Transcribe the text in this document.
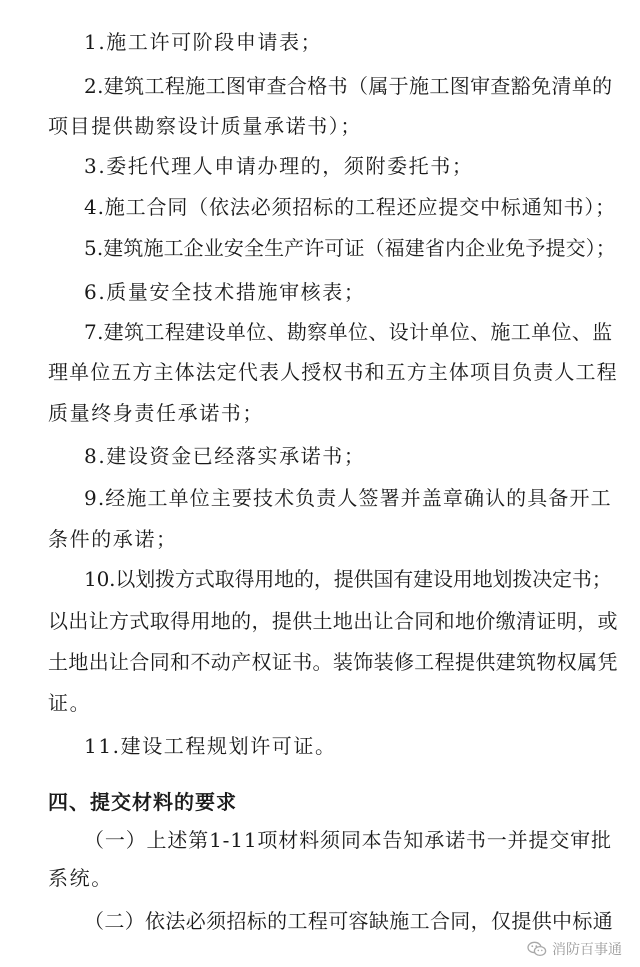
1.施工许可阶段申请表；
2.建筑工程施工图审查合格书（属于施工图审查豁免清单的
项目提供勘察设计质量承诺书）；
3.委托代理人申请办理的，须附委托书；
4.施工合同（依法必须招标的工程还应提交中标通知书）；
5.建筑施工企业安全生产许可证（福建省内企业免予提交）；
6.质量安全技术措施审核表；
7.建筑工程建设单位、勘察单位、设计单位、施工单位、监
理单位五方主体法定代表人授权书和五方主体项目负责人工程
质量终身责任承诺书；
8.建设资金已经落实承诺书；
9.经施工单位主要技术负责人签署并盖章确认的具备开工
条件的承诺；
10.以划拨方式取得用地的，提供国有建设用地划拨决定书；
以出让方式取得用地的，提供土地出让合同和地价缴清证明，或
土地出让合同和不动产权证书。装饰装修工程提供建筑物权属凭
证。
11.建设工程规划许可证。
四、提交材料的要求
（一）上述第1-11项材料须同本告知承诺书一并提交审批
系统。
（二）依法必须招标的工程可容缺施工合同，仅提供中标通
消防百事通
